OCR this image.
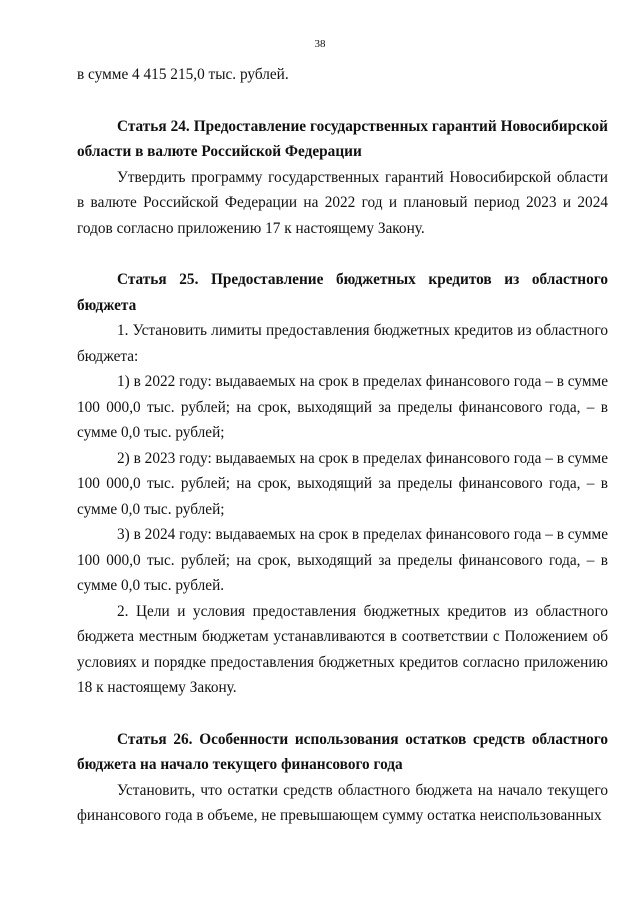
38

в сумме 4 415 215,0 тыс. рублей.

Статья 24. Предоставление государственных гарантий Новосибирской области в валюте Российской Федерации

Утвердить программу государственных гарантий Новосибирской области в валюте Российской Федерации на 2022 год и плановый период 2023 и 2024 годов согласно приложению 17 к настоящему Закону.

Статья 25. Предоставление бюджетных кредитов из областного бюджета

1. Установить лимиты предоставления бюджетных кредитов из областного бюджета:

1) в 2022 году: выдаваемых на срок в пределах финансового года – в сумме 100 000,0 тыс. рублей; на срок, выходящий за пределы финансового года, – в сумме 0,0 тыс. рублей;

2) в 2023 году: выдаваемых на срок в пределах финансового года – в сумме 100 000,0 тыс. рублей; на срок, выходящий за пределы финансового года, – в сумме 0,0 тыс. рублей;

3) в 2024 году: выдаваемых на срок в пределах финансового года – в сумме 100 000,0 тыс. рублей; на срок, выходящий за пределы финансового года, – в сумме 0,0 тыс. рублей.

2. Цели и условия предоставления бюджетных кредитов из областного бюджета местным бюджетам устанавливаются в соответствии с Положением об условиях и порядке предоставления бюджетных кредитов согласно приложению 18 к настоящему Закону.

Статья 26. Особенности использования остатков средств областного бюджета на начало текущего финансового года

Установить, что остатки средств областного бюджета на начало текущего финансового года в объеме, не превышающем сумму остатка неиспользованных
